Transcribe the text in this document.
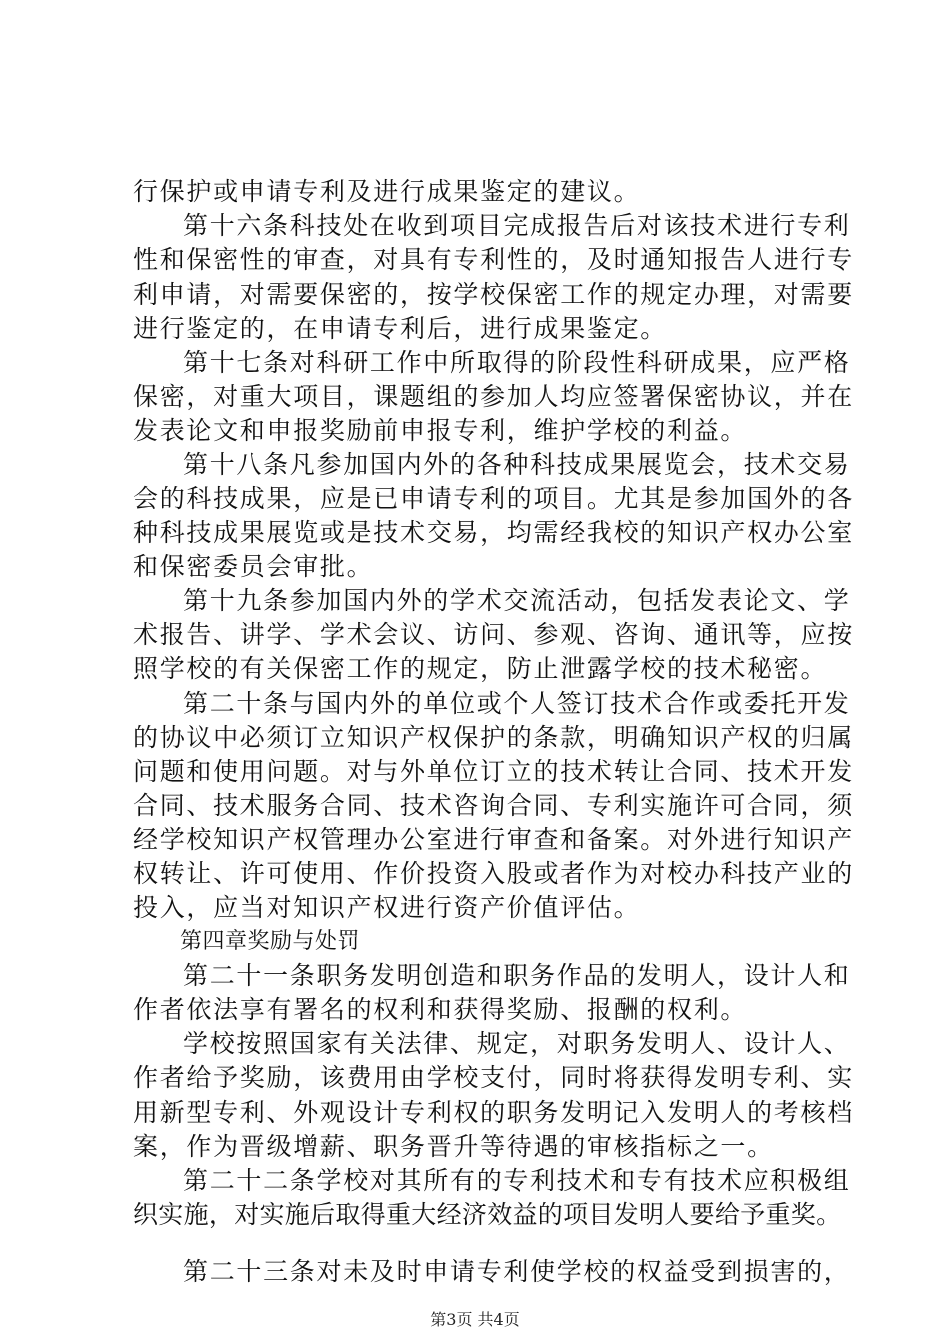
行保护或申请专利及进行成果鉴定的建议。
第十六条科技处在收到项目完成报告后对该技术进行专利
性和保密性的审查，对具有专利性的，及时通知报告人进行专
利申请，对需要保密的，按学校保密工作的规定办理，对需要
进行鉴定的，在申请专利后，进行成果鉴定。
第十七条对科研工作中所取得的阶段性科研成果，应严格
保密，对重大项目，课题组的参加人均应签署保密协议，并在
发表论文和申报奖励前申报专利，维护学校的利益。
第十八条凡参加国内外的各种科技成果展览会，技术交易
会的科技成果，应是已申请专利的项目。尤其是参加国外的各
种科技成果展览或是技术交易，均需经我校的知识产权办公室
和保密委员会审批。
第十九条参加国内外的学术交流活动，包括发表论文、学
术报告、讲学、学术会议、访问、参观、咨询、通讯等，应按
照学校的有关保密工作的规定，防止泄露学校的技术秘密。
第二十条与国内外的单位或个人签订技术合作或委托开发
的协议中必须订立知识产权保护的条款，明确知识产权的归属
问题和使用问题。对与外单位订立的技术转让合同、技术开发
合同、技术服务合同、技术咨询合同、专利实施许可合同，须
经学校知识产权管理办公室进行审查和备案。对外进行知识产
权转让、许可使用、作价投资入股或者作为对校办科技产业的
投入，应当对知识产权进行资产价值评估。
第四章奖励与处罚
第二十一条职务发明创造和职务作品的发明人，设计人和
作者依法享有署名的权利和获得奖励、报酬的权利。
学校按照国家有关法律、规定，对职务发明人、设计人、
作者给予奖励，该费用由学校支付，同时将获得发明专利、实
用新型专利、外观设计专利权的职务发明记入发明人的考核档
案，作为晋级增薪、职务晋升等待遇的审核指标之一。
第二十二条学校对其所有的专利技术和专有技术应积极组
织实施，对实施后取得重大经济效益的项目发明人要给予重奖。
第二十三条对未及时申请专利使学校的权益受到损害的，
第3页 共4页
